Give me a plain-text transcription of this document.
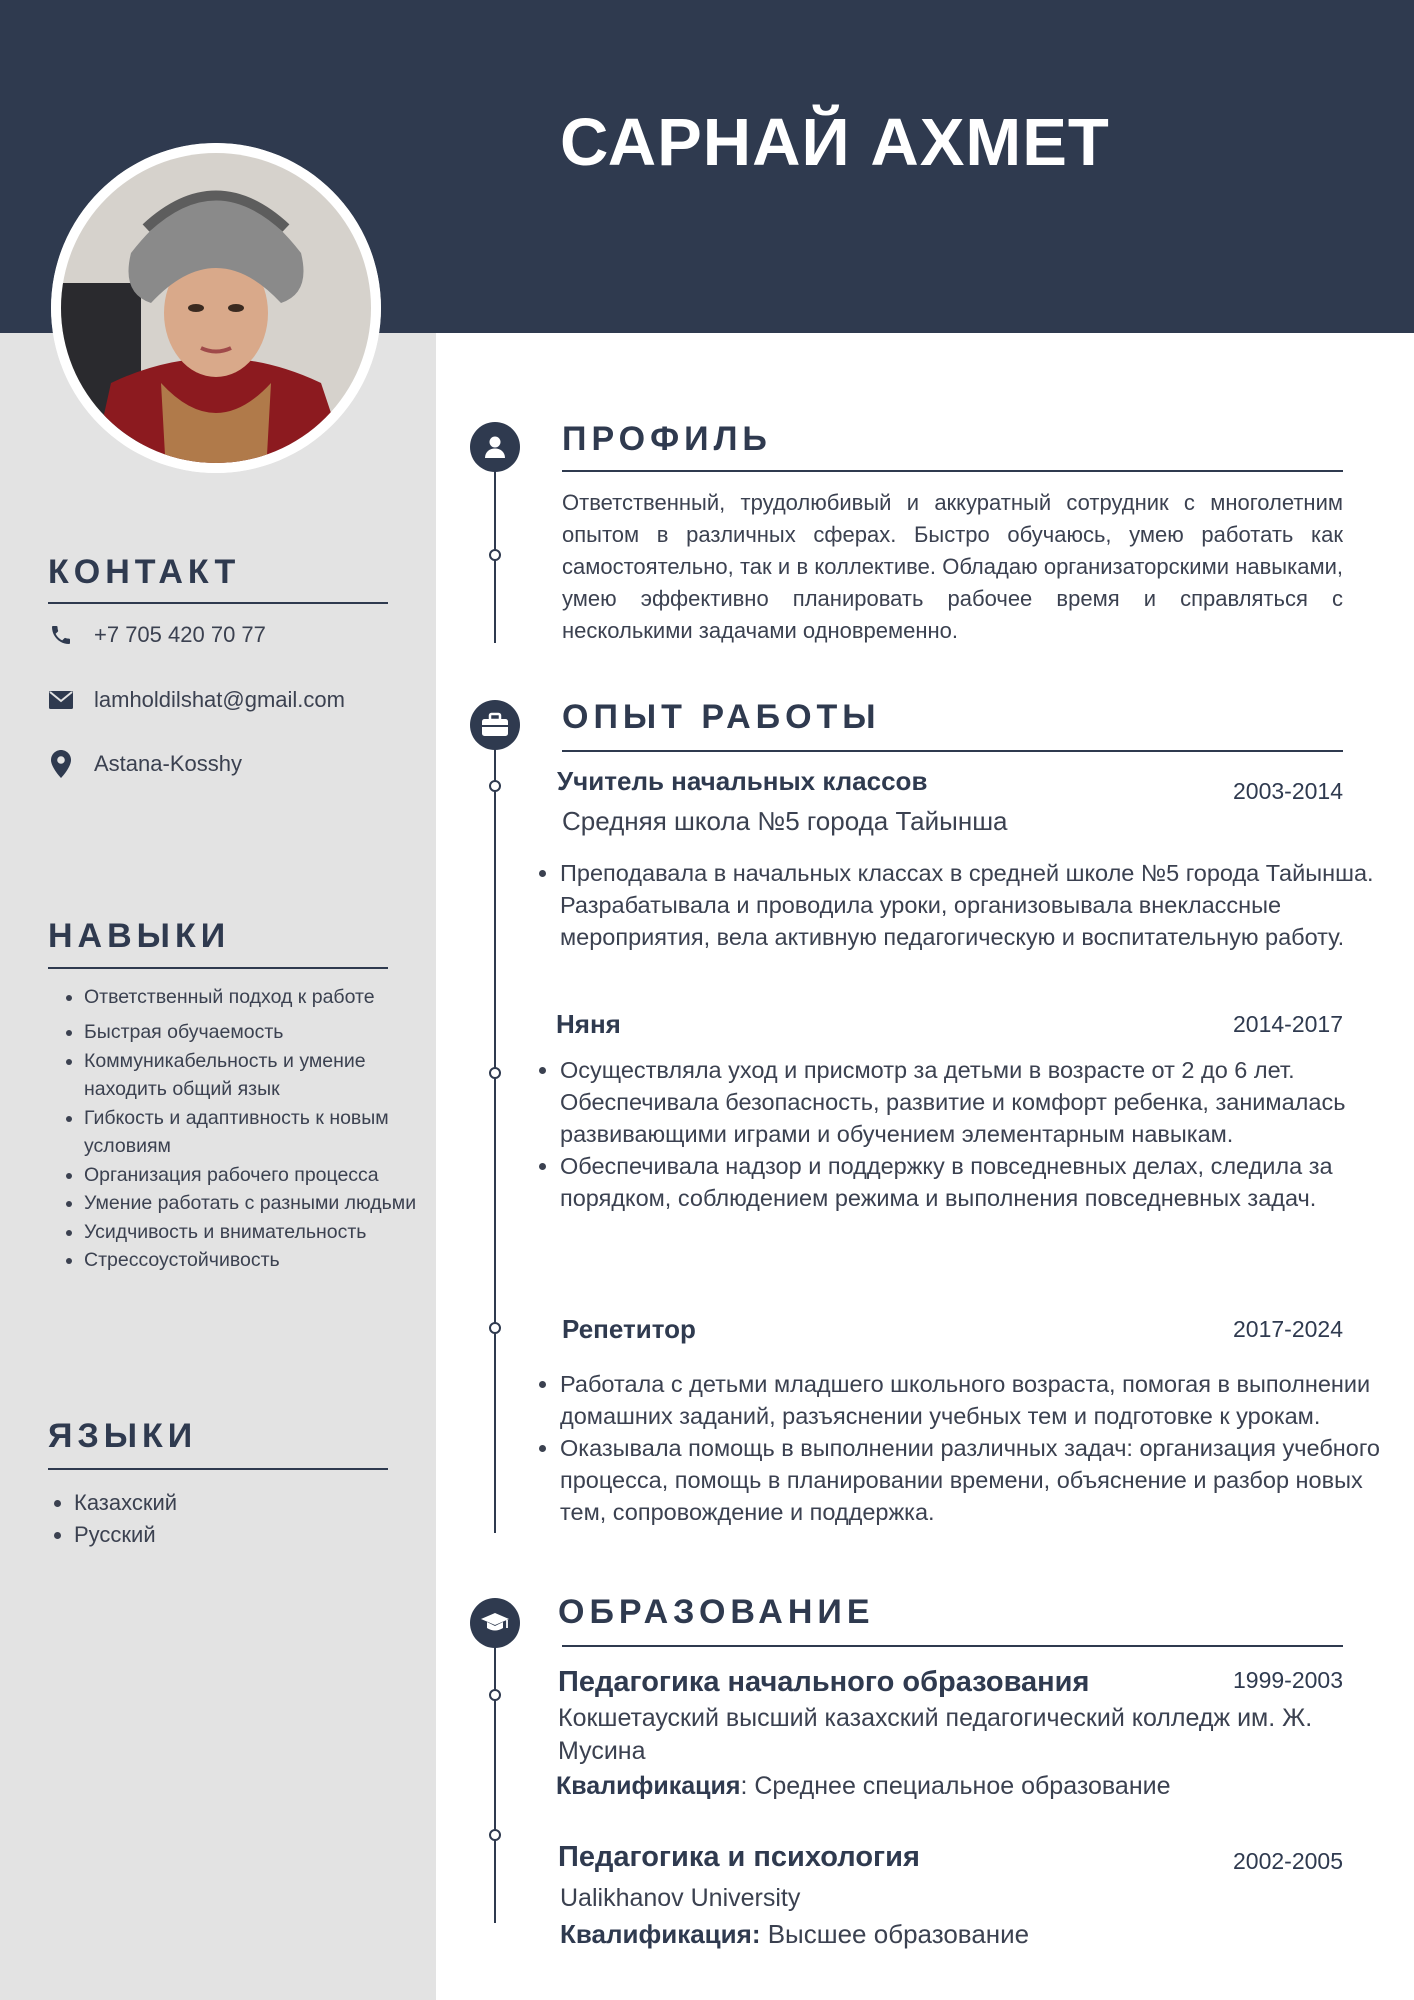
САРНАЙ АХМЕТ
КОНТАКТ
+7 705 420 70 77
lamholdilshat@gmail.com
Astana-Kosshy
НАВЫКИ
• Ответственный подход к работе
• Быстрая обучаемость
• Коммуникабельность и умение находить общий язык
• Гибкость и адаптивность к новым условиям
• Организация рабочего процесса
• Умение работать с разными людьми
• Усидчивость и внимательность
• Стрессоустойчивость
ЯЗЫКИ
• Казахский
• Русский
ПРОФИЛЬ

Ответственный, трудолюбивый и аккуратный сотрудник с многолетним опытом в различных сферах. Быстро обучаюсь, умею работать как самостоятельно, так и в коллективе. Обладаю организаторскими навыками, умею эффективно планировать рабочее время и справляться с несколькими задачами одновременно.

ОПЫТ РАБОТЫ
Учитель начальных классов	2003-2014
Средняя школа №5 города Тайынша
• Преподавала в начальных классах в средней школе №5 города Тайынша. Разрабатывала и проводила уроки, организовывала внеклассные мероприятия, вела активную педагогическую и воспитательную работу.
Няня	2014-2017
• Осуществляла уход и присмотр за детьми в возрасте от 2 до 6 лет. Обеспечивала безопасность, развитие и комфорт ребенка, занималась развивающими играми и обучением элементарным навыкам.
• Обеспечивала надзор и поддержку в повседневных делах, следила за порядком, соблюдением режима и выполнения повседневных задач.
Репетитор	2017-2024
• Работала с детьми младшего школьного возраста, помогая в выполнении домашних заданий, разъяснении учебных тем и подготовке к урокам.
• Оказывала помощь в выполнении различных задач: организация учебного процесса, помощь в планировании времени, объяснение и разбор новых тем, сопровождение и поддержка.
ОБРАЗОВАНИЕ
Педагогика начального образования	1999-2003
Кокшетауский высший казахский педагогический колледж им. Ж. Мусина
Квалификация: Среднее специальное образование
Педагогика и психология	2002-2005
Ualikhanov University
Квалификация: Высшее образование
